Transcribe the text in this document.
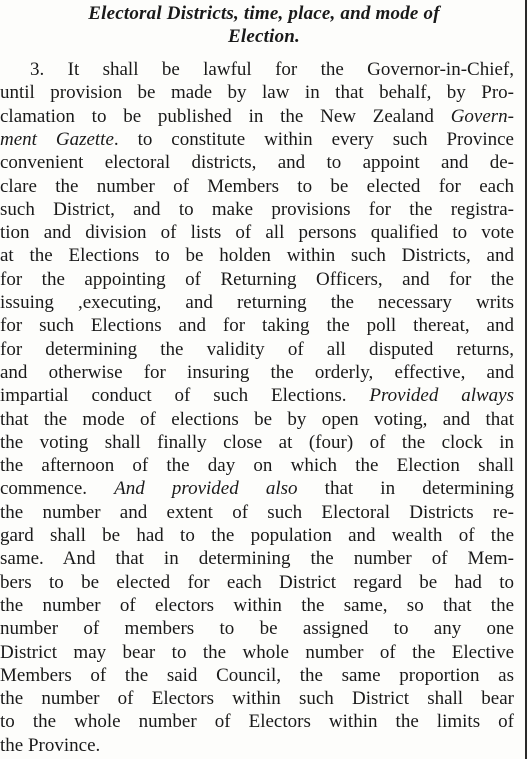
Electoral Districts, time, place, and mode of
Election.
3. It shall be lawful for the Governor-in-Chief,
until provision be made by law in that behalf, by Pro-
clamation to be published in the New Zealand Govern-
ment Gazette. to constitute within every such Province
convenient electoral districts, and to appoint and de-
clare the number of Members to be elected for each
such District, and to make provisions for the registra-
tion and division of lists of all persons qualified to vote
at the Elections to be holden within such Districts, and
for the appointing of Returning Officers, and for the
issuing ,executing, and returning the necessary writs
for such Elections and for taking the poll thereat, and
for determining the validity of all disputed returns,
and otherwise for insuring the orderly, effective, and
impartial conduct of such Elections. Provided always
that the mode of elections be by open voting, and that
the voting shall finally close at (four) of the clock in
the afternoon of the day on which the Election shall
commence. And provided also that in determining
the number and extent of such Electoral Districts re-
gard shall be had to the population and wealth of the
same. And that in determining the number of Mem-
bers to be elected for each District regard be had to
the number of electors within the same, so that the
number of members to be assigned to any one
District may bear to the whole number of the Elective
Members of the said Council, the same proportion as
the number of Electors within such District shall bear
to the whole number of Electors within the limits of
the Province.
